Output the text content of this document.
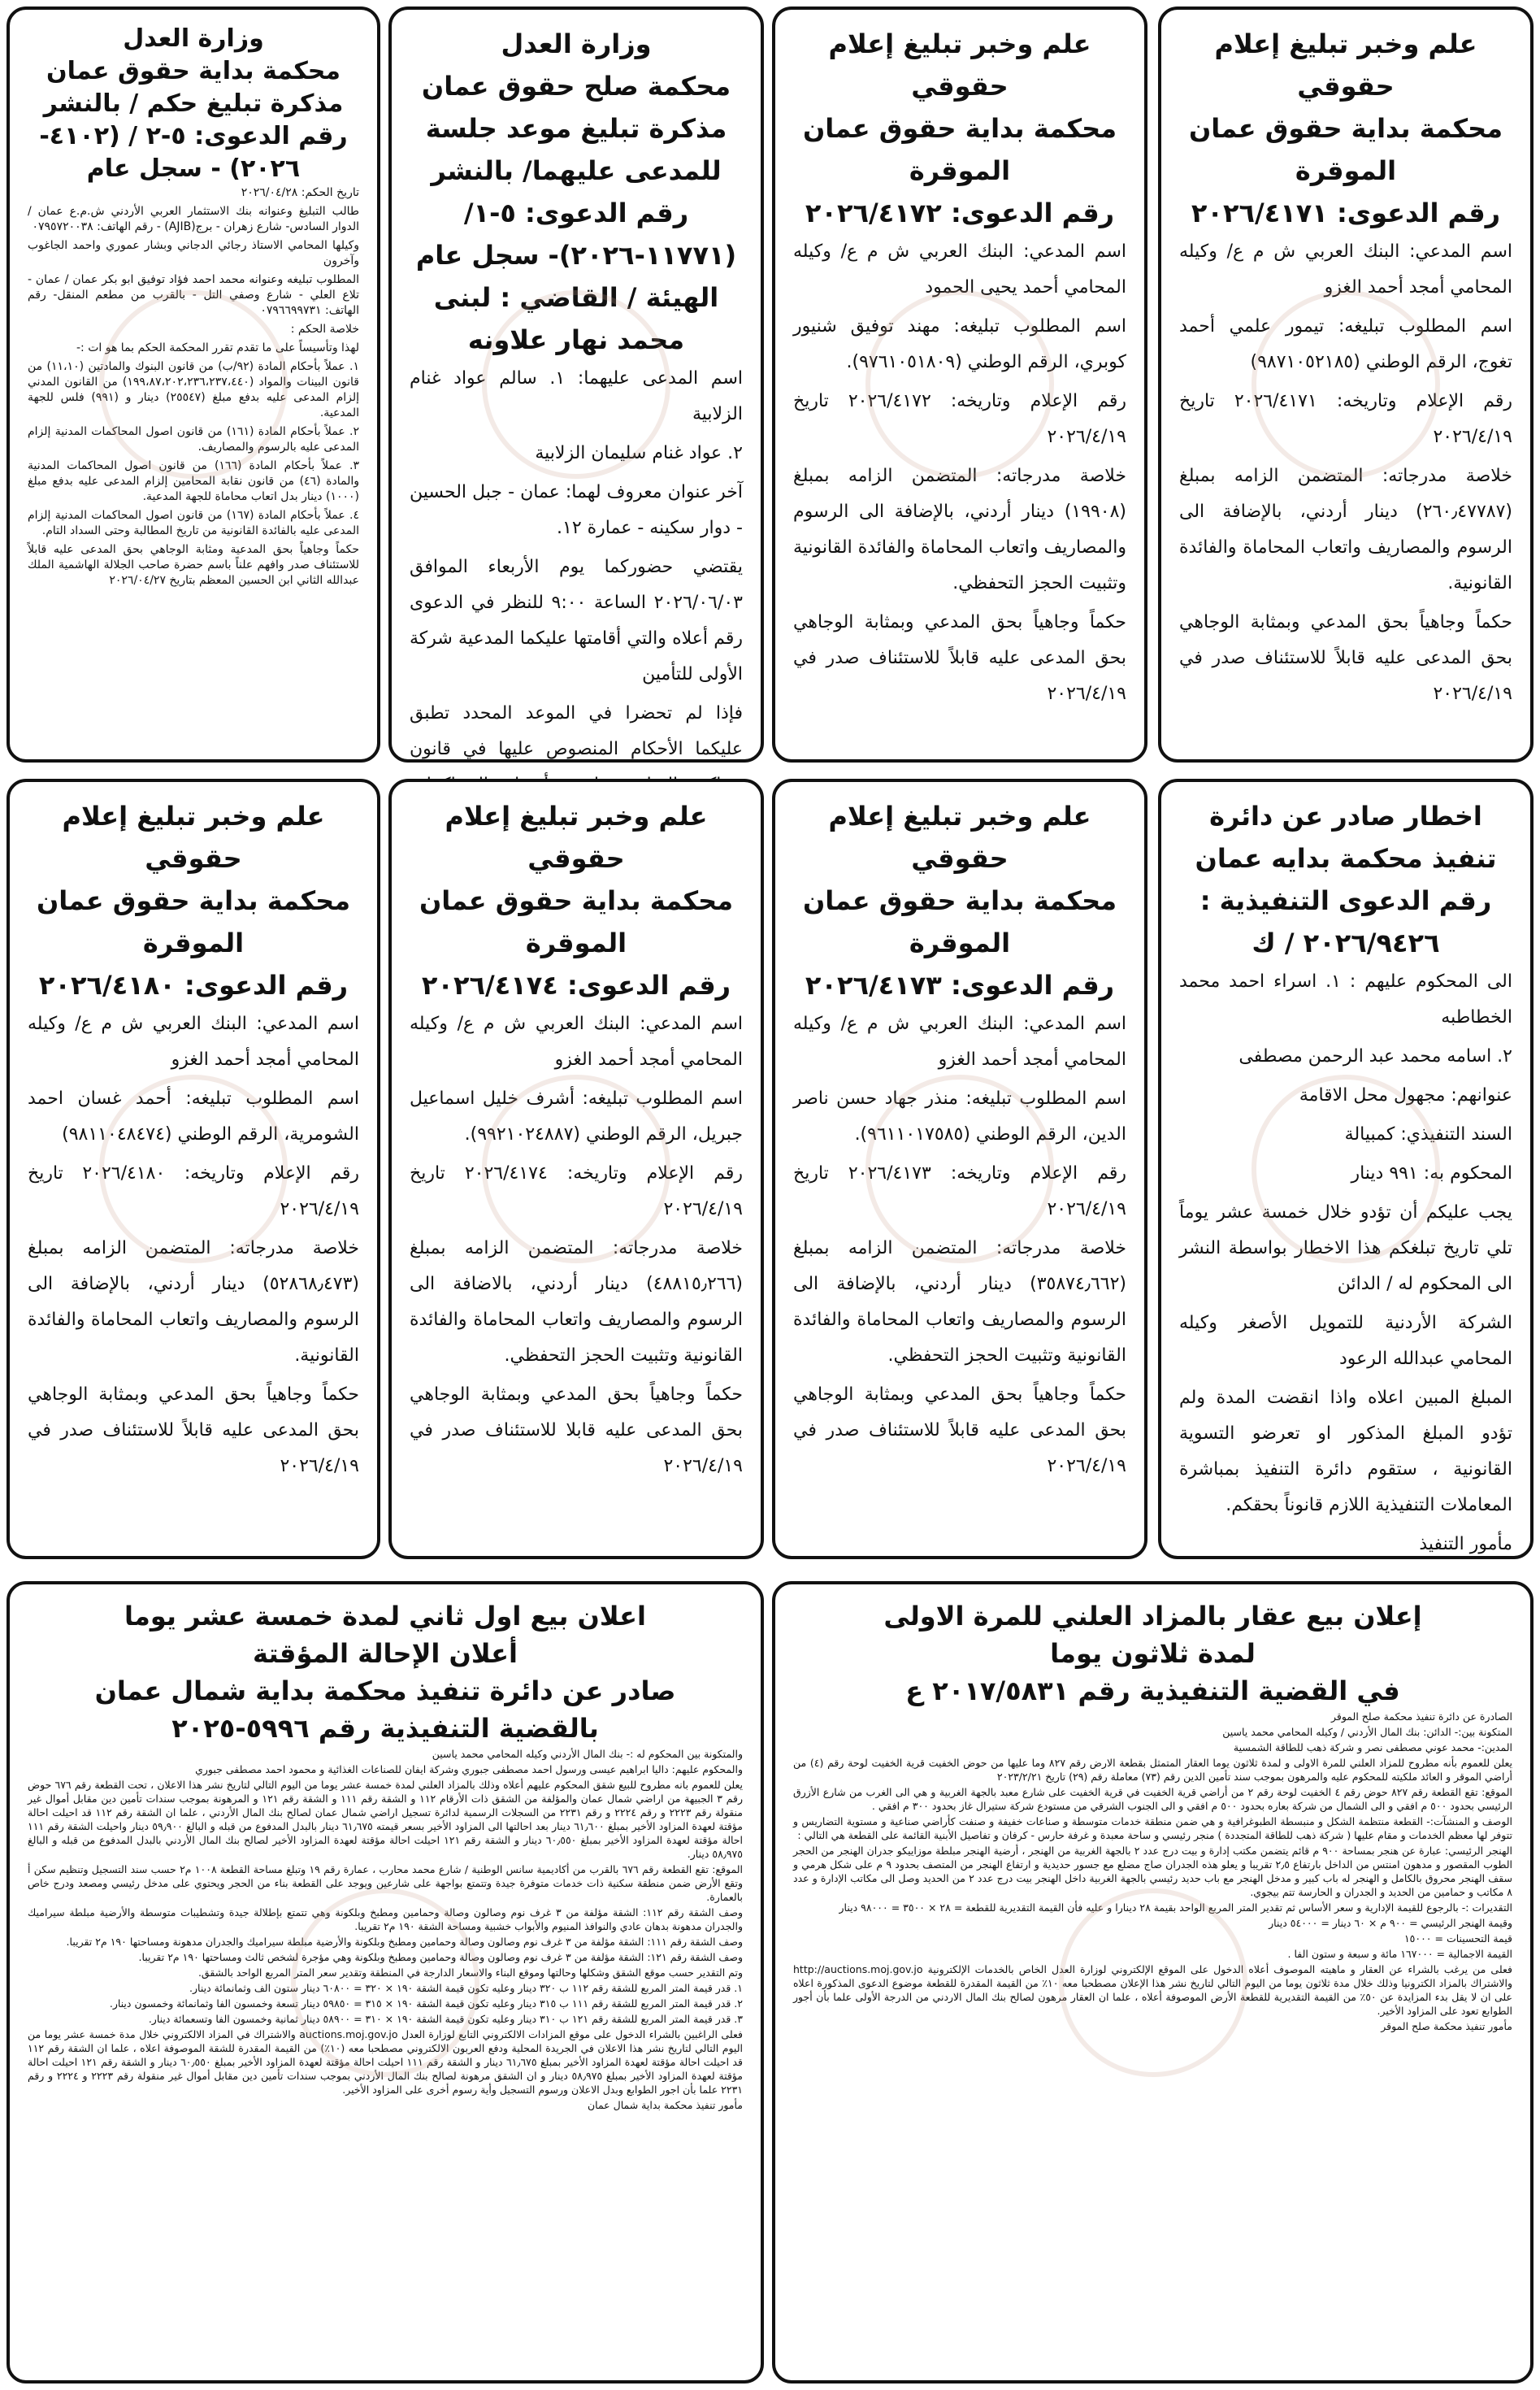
علم وخبر تبليغ إعلام حقوقي
محكمة بداية حقوق عمان
الموقرة
رقم الدعوى: ٢٠٢٦/٤١٧١

اسم المدعي: البنك العربي ش م ع/ وكيله المحامي أمجد أحمد الغزو

اسم المطلوب تبليغه: تيمور علمي أحمد تغوج، الرقم الوطني (٩٨٧١٠٥٢١٨٥)

رقم الإعلام وتاريخه: ٢٠٢٦/٤١٧١ تاريخ ٢٠٢٦/٤/١٩

خلاصة مدرجاته: المتضمن الزامه بمبلغ (٢٦٠٫٤٧٧٨٧) دينار أردني، بالإضافة الى الرسوم والمصاريف واتعاب المحاماة والفائدة القانونية.

حكماً وجاهياً بحق المدعي وبمثابة الوجاهي بحق المدعى عليه قابلاً للاستئناف صدر في ٢٠٢٦/٤/١٩

علم وخبر تبليغ إعلام حقوقي
محكمة بداية حقوق عمان
الموقرة
رقم الدعوى: ٢٠٢٦/٤١٧٢

اسم المدعي: البنك العربي ش م ع/ وكيله المحامي أحمد يحيى الحمود

اسم المطلوب تبليغه: مهند توفيق شنيور كوبري، الرقم الوطني (٩٧٦١٠٥١٨٠٩).

رقم الإعلام وتاريخه: ٢٠٢٦/٤١٧٢ تاريخ ٢٠٢٦/٤/١٩

خلاصة مدرجاته: المتضمن الزامه بمبلغ (١٩٩٠٨) دينار أردني، بالإضافة الى الرسوم والمصاريف واتعاب المحاماة والفائدة القانونية وتثبيت الحجز التحفظي.

حكماً وجاهياً بحق المدعي وبمثابة الوجاهي بحق المدعى عليه قابلاً للاستئناف صدر في ٢٠٢٦/٤/١٩

وزارة العدل
محكمة صلح حقوق عمان
مذكرة تبليغ موعد جلسة
للمدعى عليهما/ بالنشر
رقم الدعوى: ٥-١/
(١١٧٧١-٢٠٢٦)- سجل عام
الهيئة / القاضي : لبنى
محمد نهار علاونه

اسم المدعى عليهما: ١. سالم عواد غنام الزلابية

٢. عواد غنام سليمان الزلابية

آخر عنوان معروف لهما: عمان - جبل الحسين - دوار سكينه - عمارة ١٢.

يقتضي حضوركما يوم الأربعاء الموافق ٢٠٢٦/٠٦/٠٣ الساعة ٩:٠٠ للنظر في الدعوى رقم أعلاه والتي أقامتها عليكما المدعية شركة الأولى للتأمين

فإذا لم تحضرا في الموعد المحدد تطبق عليكما الأحكام المنصوص عليها في قانون

وزارة العدل
محكمة بداية حقوق عمان
مذكرة تبليغ حكم / بالنشر
رقم الدعوى: ٥-٢ / (٤١٠٢-
٢٠٢٦) - سجل عام

تاريخ الحكم: ٢٠٢٦/٠٤/٢٨

طالب التبليغ وعنوانه بنك الاستثمار العربي الأردني ش.م.ع عمان / الدوار السادس- شارع زهران - برج(AJIB) - رقم الهاتف: ٠٧٩٥٧٢٠٠٣٨

وكيلها المحامي الاستاذ رجائي الدجاني وبشار عموري واحمد الجاغوب وآخرون

المطلوب تبليغه وعنوانه محمد احمد فؤاد توفيق ابو بكر عمان / عمان - تلاع العلي - شارع وصفي التل - بالقرب من مطعم المنقل- رقم الهاتف: ٠٧٩٦٦٩٩٧٣١

خلاصة الحكم :

لهذا وتأسيساً على ما تقدم تقرر المحكمة الحكم بما هو ات :-

١. عملاً بأحكام المادة (٩٢/ب) من قانون البنوك والمادتين (١١،١٠) من قانون البينات والمواد (١٩٩،٨٧،٢٠٢،٢٣٦،٢٣٧،٤٤٠) من القانون المدني إلزام المدعى عليه بدفع مبلغ (٢٥٥٤٧) دينار و (٩٩١) فلس للجهة المدعية.

٢. عملاً بأحكام المادة (١٦١) من قانون اصول المحاكمات المدنية إلزام المدعى عليه بالرسوم والمصاريف.

٣. عملاً بأحكام المادة (١٦٦) من قانون اصول المحاكمات المدنية والمادة (٤٦) من قانون نقابة المحامين إلزام المدعى عليه بدفع مبلغ (١٠٠٠) دينار بدل اتعاب محاماة للجهة المدعية.

٤. عملاً بأحكام المادة (١٦٧) من قانون اصول المحاكمات المدنية إلزام المدعى عليه بالفائدة القانونية من تاريخ المطالبة وحتى السداد التام.

حكماً وجاهياً بحق المدعية ومثابة الوجاهي بحق المدعى عليه قابلاً للاستئناف صدر وافهم علناً باسم حضرة صاحب الجلالة الهاشمية الملك عبدالله الثاني ابن الحسين المعظم بتاريخ ٢٠٢٦/٠٤/٢٧

اخطار صادر عن دائرة
تنفيذ محكمة بدايه عمان
رقم الدعوى التنفيذية :
٢٠٢٦/٩٤٢٦ / ك

الى المحكوم عليهم : ١. اسراء احمد محمد الخطاطبه

٢. اسامه محمد عبد الرحمن مصطفى

عنوانهم: مجهول محل الاقامة

السند التنفيذي: كمبيالة

المحكوم به: ٩٩١ دينار

يجب عليكم أن تؤدو خلال خمسة عشر يوماً تلي تاريخ تبلغكم هذا الاخطار بواسطة النشر الى المحكوم له / الدائن

الشركة الأردنية للتمويل الأصغر وكيله المحامي عبدالله الرعود

المبلغ المبين اعلاه واذا انقضت المدة ولم تؤدو المبلغ المذكور او تعرضو التسوية القانونية ، ستقوم دائرة التنفيذ بمباشرة المعاملات التنفيذية اللازم قانوناً بحقكم.

مأمور التنفيذ

علم وخبر تبليغ إعلام حقوقي
محكمة بداية حقوق عمان
الموقرة
رقم الدعوى: ٢٠٢٦/٤١٧٣

اسم المدعي: البنك العربي ش م ع/ وكيله المحامي أمجد أحمد الغزو

اسم المطلوب تبليغه: منذر جهاد حسن ناصر الدين، الرقم الوطني (٩٦١١٠١٧٥٨٥).

رقم الإعلام وتاريخه: ٢٠٢٦/٤١٧٣ تاريخ ٢٠٢٦/٤/١٩

خلاصة مدرجاته: المتضمن الزامه بمبلغ (٣٥٨٧٤٫٦٦٢) دينار أردني، بالإضافة الى الرسوم والمصاريف واتعاب المحاماة والفائدة القانونية وتثبيت الحجز التحفظي.

حكماً وجاهياً بحق المدعي وبمثابة الوجاهي بحق المدعى عليه قابلاً للاستئناف صدر في ٢٠٢٦/٤/١٩

علم وخبر تبليغ إعلام حقوقي
محكمة بداية حقوق عمان
الموقرة
رقم الدعوى: ٢٠٢٦/٤١٧٤

اسم المدعي: البنك العربي ش م ع/ وكيله المحامي أمجد أحمد الغزو

اسم المطلوب تبليغه: أشرف خليل اسماعيل جبريل، الرقم الوطني (٩٩٢١٠٢٤٨٨٧).

رقم الإعلام وتاريخه: ٢٠٢٦/٤١٧٤ تاريخ ٢٠٢٦/٤/١٩

خلاصة مدرجاته: المتضمن الزامه بمبلغ (٤٨٨١٥٫٢٦٦) دينار أردني، بالاضافة الى الرسوم والمصاريف واتعاب المحاماة والفائدة القانونية وتثبيت الحجز التحفظي.

حكماً وجاهياً بحق المدعي وبمثابة الوجاهي بحق المدعى عليه قابلا للاستئناف صدر في ٢٠٢٦/٤/١٩

علم وخبر تبليغ إعلام حقوقي
محكمة بداية حقوق عمان
الموقرة
رقم الدعوى: ٢٠٢٦/٤١٨٠

اسم المدعي: البنك العربي ش م ع/ وكيله المحامي أمجد أحمد الغزو

اسم المطلوب تبليغه: أحمد غسان احمد الشومرية، الرقم الوطني (٩٨١١٠٤٨٤٧٤)

رقم الإعلام وتاريخه: ٢٠٢٦/٤١٨٠ تاريخ ٢٠٢٦/٤/١٩

خلاصة مدرجاته: المتضمن الزامه بمبلغ (٥٢٨٦٨٫٤٧٣) دينار أردني، بالإضافة الى الرسوم والمصاريف واتعاب المحاماة والفائدة القانونية.

حكماً وجاهياً بحق المدعي وبمثابة الوجاهي بحق المدعى عليه قابلاً للاستئناف صدر في ٢٠٢٦/٤/١٩

إعلان بيع عقار بالمزاد العلني للمرة الاولى
لمدة ثلاثون يوما
في القضية التنفيذية رقم ٢٠١٧/٥٨٣١ ع

الصادرة عن دائرة تنفيذ محكمة صلح الموقر

المتكونة بين:- الدائن: بنك المال الأردني / وكيله المحامي محمد ياسين

المدين:- محمد عوني مصطفى نصر و شركة ذهب للطاقة الشمسية

يعلن للعموم بأنه مطروح للمزاد العلني للمرة الاولى و لمدة ثلاثون يوما العقار المتمثل بقطعة الارض رقم ٨٢٧ وما عليها من حوض الخفيت قرية الخفيت لوحة رقم (٤) من أراضي الموقر و العائد ملكيته للمحكوم عليه والمرهون بموجب سند تأمين الدين رقم (٧٣) معاملة رقم (٢٩) تاريخ ٢٠٢٣/٢/٢١

الموقع: تقع القطعة رقم ٨٢٧ حوض رقم ٤ الخفيت لوحة رقم ٢ من أراضي قرية الخفيت في قرية الخفيت على شارع معبد بالجهة الغربية و هي الى الغرب من شارع الأزرق الرئيسي بحدود ٥٠٠ م افقي و الى الشمال من شركة بعاره بحدود ٥٠٠ م افقي و الى الجنوب الشرقي من مستودع شركة ستيرال غاز بحدود ٣٠٠ م افقي .

الوصف و المنشآت:- القطعة منتظمة الشكل و منبسطة الطبوغرافية و هي ضمن منطقة خدمات متوسطة و صناعات خفيفة و صنفت كأراضي صناعية و مستوية التضاريس و تتوفر لها معظم الخدمات و مقام عليها ( شركة ذهب للطاقة المتجددة ) منجر رئيسي و ساحة معبدة و غرفة حارس - كرفان و تفاصيل الأبنية القائمة على القطعة هي التالي :

الهنجر الرئيسي: عبارة عن هنجر بمساحة ٩٠٠ م قائم يتضمن مكتب إدارة و بيت درج عدد ٢ بالجهة الغربية من الهنجر ، أرضية الهنجر مبلطة موزاييكو جدران الهنجر من الحجر الطوب المقصور و مدهون امنتس من الداخل بارتفاع ٢٫٥ تقريبا و يعلو هذه الجدران صاج مضلع مع جسور حديدية و ارتفاع الهنجر من المتصف بحدود ٩ م على شكل هرمي و سقف الهنجر محروق بالكامل و الهنجر له باب كبير و مدخل الهنجر مع باب حديد رئيسي بالجهة الغربية داخل الهنجر بيت درج عدد ٢ من الحديد وصل الى مكاتب الإدارة و عدد ٨ مكاتب و حمامين من الحديد و الجدران و الحارسة تتم بيجوي.

التقديرات :- بالرجوع للقيمة الإدارية و سعر الأساس ثم تقدير المتر المربع الواحد بقيمة ٢٨ دينارا و عليه فأن القيمة التقديرية للقطعة = ٢٨ × ٣٥٠٠ = ٩٨٠٠٠ دينار

وقيمة الهنجر الرئيسي = ٩٠٠ م × ٦٠ دينار = ٥٤٠٠٠ دينار

قيمة التحسينات = ١٥٠٠٠

القيمة الاجمالية = ١٦٧٠٠٠ مائة و سبعة و ستون الفا .

فعلى من يرغب بالشراء عن العقار و ماهيته الموصوف أعلاه الدخول على الموقع الإلكتروني لوزارة العدل الخاص بالخدمات الإلكترونية http://auctions.moj.gov.jo والاشتراك بالمزاد الكترونيا وذلك خلال مدة ثلاثون يوما من اليوم التالي لتاريخ نشر هذا الإعلان مصطحبا معه ١٠٪ من القيمة المقدرة للقطعة موضوع الدعوى المذكورة اعلاه على ان لا يقل بدء المزايدة عن ٥٠٪ من القيمة التقديرية للقطعة الأرض الموصوفة أعلاه ، علما ان العقار مرهون لصالح بنك المال الاردني من الدرجة الأولى علما بأن أجور الطوابع تعود على المزاود الأخير.

مأمور تنفيذ محكمة صلح الموقر

اعلان بيع اول ثاني لمدة خمسة عشر يوما
أعلان الإحالة المؤقتة
صادر عن دائرة تنفيذ محكمة بداية شمال عمان
بالقضية التنفيذية رقم ٥٩٩٦-٢٠٢٥

والمتكونة بين المحكوم له :- بنك المال الأردني وكيله المحامي محمد ياسين

والمحكوم عليهم: داليا ابراهيم عيسى ورسول احمد مصطفى جبوري وشركة ايفان للصناعات الغذائية و محمود احمد مصطفى جبوري

يعلن للعموم بانه مطروح للبيع شقق المحكوم عليهم أعلاه وذلك بالمزاد العلني لمدة خمسة عشر يوما من اليوم التالي لتاريخ نشر هذا الاعلان ، تحت القطعة رقم ٦٧٦ حوض رقم ٣ الجبيهة من اراضي شمال عمان والمؤلفة من الشقق ذات الأرقام ١١٢ و الشقة رقم ١١١ و الشقة رقم ١٢١ و المرهونة بموجب سندات تأمين دين مقابل أموال غير منقولة رقم ٢٢٢٣ و رقم ٢٢٢٤ و رقم ٢٢٣١ من السجلات الرسمية لدائرة تسجيل اراضي شمال عمان لصالح بنك المال الأردني ، علما ان الشقة رقم ١١٢ قد احيلت احالة مؤقتة لعهدة المزاود الأخير بمبلغ ٦١٫٦٠٠ دينار بعد احالتها الى المزاود الأخير بسعر قيمته ٦١٫٦٧٥ دينار بالبدل المدفوع من قبله و البالغ ٥٩٫٩٠٠ دينار واحيلت الشقة رقم ١١١ احالة مؤقتة لعهدة المزاود الأخير بمبلغ ٦٠٫٥٥٠ دينار و الشقة رقم ١٢١ احيلت احالة مؤقتة لعهدة المزاود الأخير لصالح بنك المال الأردني بالبدل المدفوع من قبله و البالغ ٥٨٫٩٧٥ دينار.

الموقع: تقع القطعة رقم ٦٧٦ بالقرب من أكاديمية سانس الوطنية / شارع محمد محارب ، عمارة رقم ١٩ وتبلغ مساحة القطعة ١٠٠٨ م٢ حسب سند التسجيل وتنظيم سكن أ وتقع الأرض ضمن منطقة سكنية ذات خدمات متوفرة جيدة وتتمتع بواجهة على شارعين ويوجد على القطعة بناء من الحجر ويحتوي على مدخل رئيسي ومصعد ودرج خاص بالعمارة.

وصف الشقة رقم ١١٢: الشقة مؤلفة من ٣ غرف نوم وصالون وصالة وحمامين ومطبخ وبلكونة وهي تتمتع بإطلالة جيدة وتشطيبات متوسطة والأرضية مبلطة سيراميك والجدران مدهونة بدهان عادي والنوافذ المنيوم والأبواب خشبية ومساحة الشقة ١٩٠ م٢ تقريبا.

وصف الشقة رقم ١١١: الشقة مؤلفة من ٣ غرف نوم وصالون وصالة وحمامين ومطبخ وبلكونة والأرضية مبلطة سيراميك والجدران مدهونة ومساحتها ١٩٠ م٢ تقريبا.

وصف الشقة رقم ١٢١: الشقة مؤلفة من ٣ غرف نوم وصالون وصالة وحمامين ومطبخ وبلكونة وهي مؤجرة لشخص ثالث ومساحتها ١٩٠ م٢ تقريبا.

وتم التقدير حسب موقع الشقق وشكلها وحالتها وموقع البناء والاسعار الدارجة في المنطقة وتقدير سعر المتر المربع الواحد بالشقق.

١. قدر قيمة المتر المربع للشقة رقم ١١٢ ب ٣٢٠ دينار وعليه تكون قيمة الشقة ١٩٠ × ٣٢٠ = ٦٠٨٠٠ دينار ستون الف وثمانمائة دينار.

٢. قدر قيمة المتر المربع للشقة رقم ١١١ ب ٣١٥ دينار وعليه تكون قيمة الشقة ١٩٠ × ٣١٥ = ٥٩٨٥٠ دينار تسعة وخمسون الفا وثمانمائة وخمسون دينار.

٣. قدر قيمة المتر المربع للشقة رقم ١٢١ ب ٣١٠ دينار وعليه تكون قيمة الشقة ١٩٠ × ٣١٠ = ٥٨٩٠٠ دينار ثمانية وخمسون الفا وتسعمائة دينار.

فعلى الراغبين بالشراء الدخول على موقع المزادات الالكتروني التابع لوزارة العدل auctions.moj.gov.jo والاشتراك في المزاد الالكتروني خلال مدة خمسة عشر يوما من اليوم التالي لتاريخ نشر هذا الاعلان في الجريدة المحلية ودفع العربون الالكتروني مصطحبا معه (١٠٪) من القيمة المقدرة للشقة الموصوفة اعلاه ، علما ان الشقة رقم ١١٢ قد احيلت احالة مؤقتة لعهدة المزاود الأخير بمبلغ ٦١٫٦٧٥ دينار و الشقة رقم ١١١ احيلت احالة مؤقتة لعهدة المزاود الأخير بمبلغ ٦٠٫٥٥٠ دينار و الشقة رقم ١٢١ احيلت احالة مؤقتة لعهدة المزاود الأخير بمبلغ ٥٨٫٩٧٥ دينار و ان الشقق مرهونة لصالح بنك المال الأردني بموجب سندات تأمين دين مقابل أموال غير منقولة رقم ٢٢٢٣ و ٢٢٢٤ و رقم ٢٢٣١ علما بأن اجور الطوابع وبدل الاعلان ورسوم التسجيل وأية رسوم أخرى على المزاود الأخير.

مأمور تنفيذ محكمة بداية شمال عمان
